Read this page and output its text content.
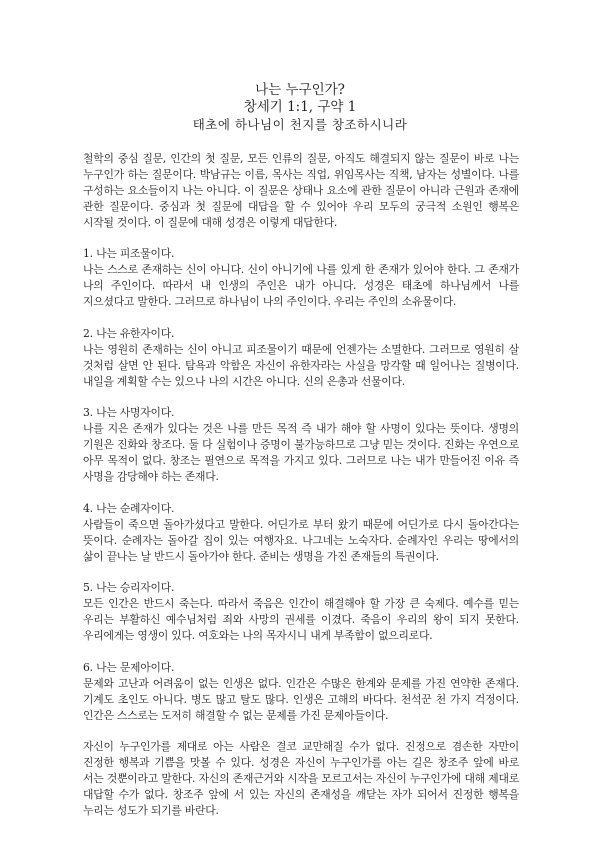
나는 누구인가?
창세기 1:1, 구약 1
태초에 하나님이 천지를 창조하시니라

철학의 중심 질문, 인간의 첫 질문, 모든 인류의 질문, 아직도 해결되지 않는 질문이 바로 나는 누구인가 하는 질문이다. 박남규는 이름, 목사는 직업, 위임목사는 직책, 남자는 성별이다. 나를 구성하는 요소들이지 나는 아니다. 이 질문은 상태나 요소에 관한 질문이 아니라 근원과 존재에 관한 질문이다. 중심과 첫 질문에 대답을 할 수 있어야 우리 모두의 궁극적 소원인 행복은 시작될 것이다. 이 질문에 대해 성경은 이렇게 대답한다.

1. 나는 피조물이다.

나는 스스로 존재하는 신이 아니다. 신이 아니기에 나를 있게 한 존재가 있어야 한다. 그 존재가 나의 주인이다. 따라서 내 인생의 주인은 내가 아니다. 성경은 태초에 하나님께서 나를 지으셨다고 말한다. 그러므로 하나님이 나의 주인이다. 우리는 주인의 소유물이다.

2. 나는 유한자이다.

나는 영원히 존재하는 신이 아니고 피조물이기 때문에 언젠가는 소멸한다. 그러므로 영원히 살 것처럼 살면 안 된다. 탐욕과 악함은 자신이 유한자라는 사실을 망각할 때 일어나는 질병이다. 내일을 계획할 수는 있으나 나의 시간은 아니다. 신의 은총과 선물이다.

3. 나는 사명자이다.

나를 지은 존재가 있다는 것은 나를 만든 목적 즉 내가 해야 할 사명이 있다는 뜻이다. 생명의 기원은 진화와 창조다. 둘 다 실험이나 증명이 불가능하므로 그냥 믿는 것이다. 진화는 우연으로 아무 목적이 없다. 창조는 필연으로 목적을 가지고 있다. 그러므로 나는 내가 만들어진 이유 즉 사명을 감당해야 하는 존재다.

4. 나는 순례자이다.

사람들이 죽으면 돌아가셨다고 말한다. 어딘가로 부터 왔기 때문에 어딘가로 다시 돌아간다는 뜻이다. 순례자는 돌아갈 집이 있는 여행자요. 나그네는 노숙자다. 순례자인 우리는 땅에서의 삶이 끝나는 날 반드시 돌아가야 한다. 준비는 생명을 가진 존재들의 특권이다.

5. 나는 승리자이다.

모든 인간은 반드시 죽는다. 따라서 죽음은 인간이 해결해야 할 가장 큰 숙제다. 예수를 믿는 우리는 부활하신 예수님처럼 죄와 사망의 권세를 이겼다. 죽음이 우리의 왕이 되지 못한다. 우리에게는 영생이 있다. 여호와는 나의 목자시니 내게 부족함이 없으리로다.

6. 나는 문제아이다.

문제와 고난과 어려움이 없는 인생은 없다. 인간은 수많은 한계와 문제를 가진 연약한 존재다. 기계도 초인도 아니다. 병도 많고 탈도 많다. 인생은 고해의 바다다. 천석꾼 천 가지 걱정이다. 인간은 스스로는 도저히 해결할 수 없는 문제를 가진 문제아들이다.

자신이 누구인가를 제대로 아는 사람은 결코 교만해질 수가 없다. 진정으로 겸손한 자만이 진정한 행복과 기쁨을 맛볼 수 있다. 성경은 자신이 누구인가를 아는 길은 창조주 앞에 바로 서는 것뿐이라고 말한다. 자신의 존재근거와 시작을 모르고서는 자신이 누구인가에 대해 제대로 대답할 수가 없다. 창조주 앞에 서 있는 자신의 존재성을 깨닫는 자가 되어서 진정한 행복을 누리는 성도가 되기를 바란다.
